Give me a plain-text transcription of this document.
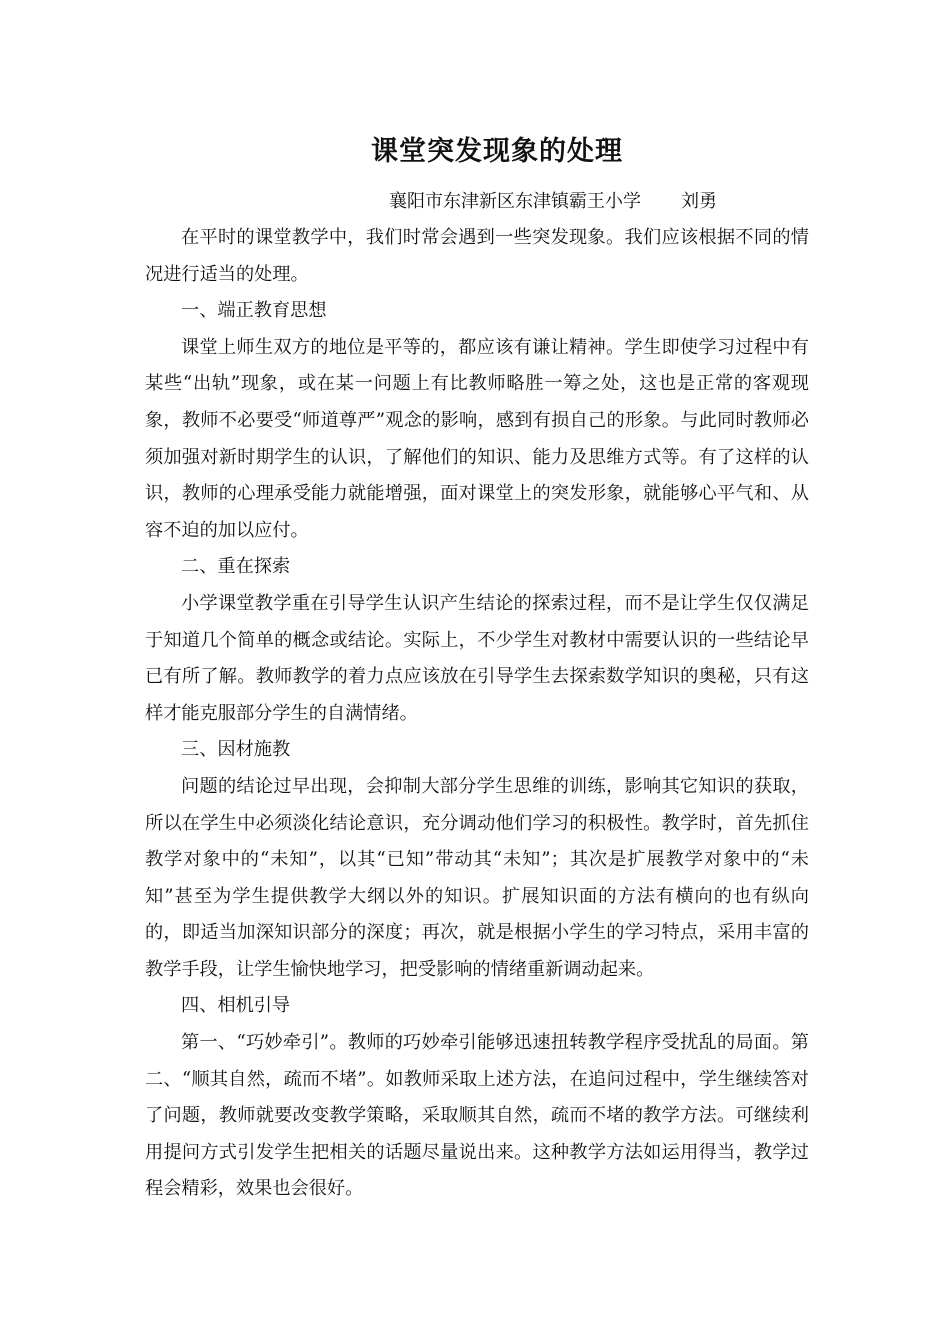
课堂突发现象的处理
襄阳市东津新区东津镇霸王小学 刘勇

在平时的课堂教学中，我们时常会遇到一些突发现象。我们应该根据不同的情况进行适当的处理。

一、端正教育思想

课堂上师生双方的地位是平等的，都应该有谦让精神。学生即使学习过程中有某些“出轨”现象，或在某一问题上有比教师略胜一筹之处，这也是正常的客观现象，教师不必要受“师道尊严”观念的影响，感到有损自己的形象。与此同时教师必须加强对新时期学生的认识，了解他们的知识、能力及思维方式等。有了这样的认识，教师的心理承受能力就能增强，面对课堂上的突发形象，就能够心平气和、从容不迫的加以应付。

二、重在探索

小学课堂教学重在引导学生认识产生结论的探索过程，而不是让学生仅仅满足于知道几个简单的概念或结论。实际上，不少学生对教材中需要认识的一些结论早已有所了解。教师教学的着力点应该放在引导学生去探索数学知识的奥秘，只有这样才能克服部分学生的自满情绪。

三、因材施教

问题的结论过早出现，会抑制大部分学生思维的训练，影响其它知识的获取，所以在学生中必须淡化结论意识，充分调动他们学习的积极性。教学时，首先抓住教学对象中的“未知”，以其“已知”带动其“未知”；其次是扩展教学对象中的“未知”甚至为学生提供教学大纲以外的知识。扩展知识面的方法有横向的也有纵向的，即适当加深知识部分的深度；再次，就是根据小学生的学习特点，采用丰富的教学手段，让学生愉快地学习，把受影响的情绪重新调动起来。

四、相机引导

第一、“巧妙牵引”。教师的巧妙牵引能够迅速扭转教学程序受扰乱的局面。第二、“顺其自然，疏而不堵”。如教师采取上述方法，在追问过程中，学生继续答对了问题，教师就要改变教学策略，采取顺其自然，疏而不堵的教学方法。可继续利用提问方式引发学生把相关的话题尽量说出来。这种教学方法如运用得当，教学过程会精彩，效果也会很好。
